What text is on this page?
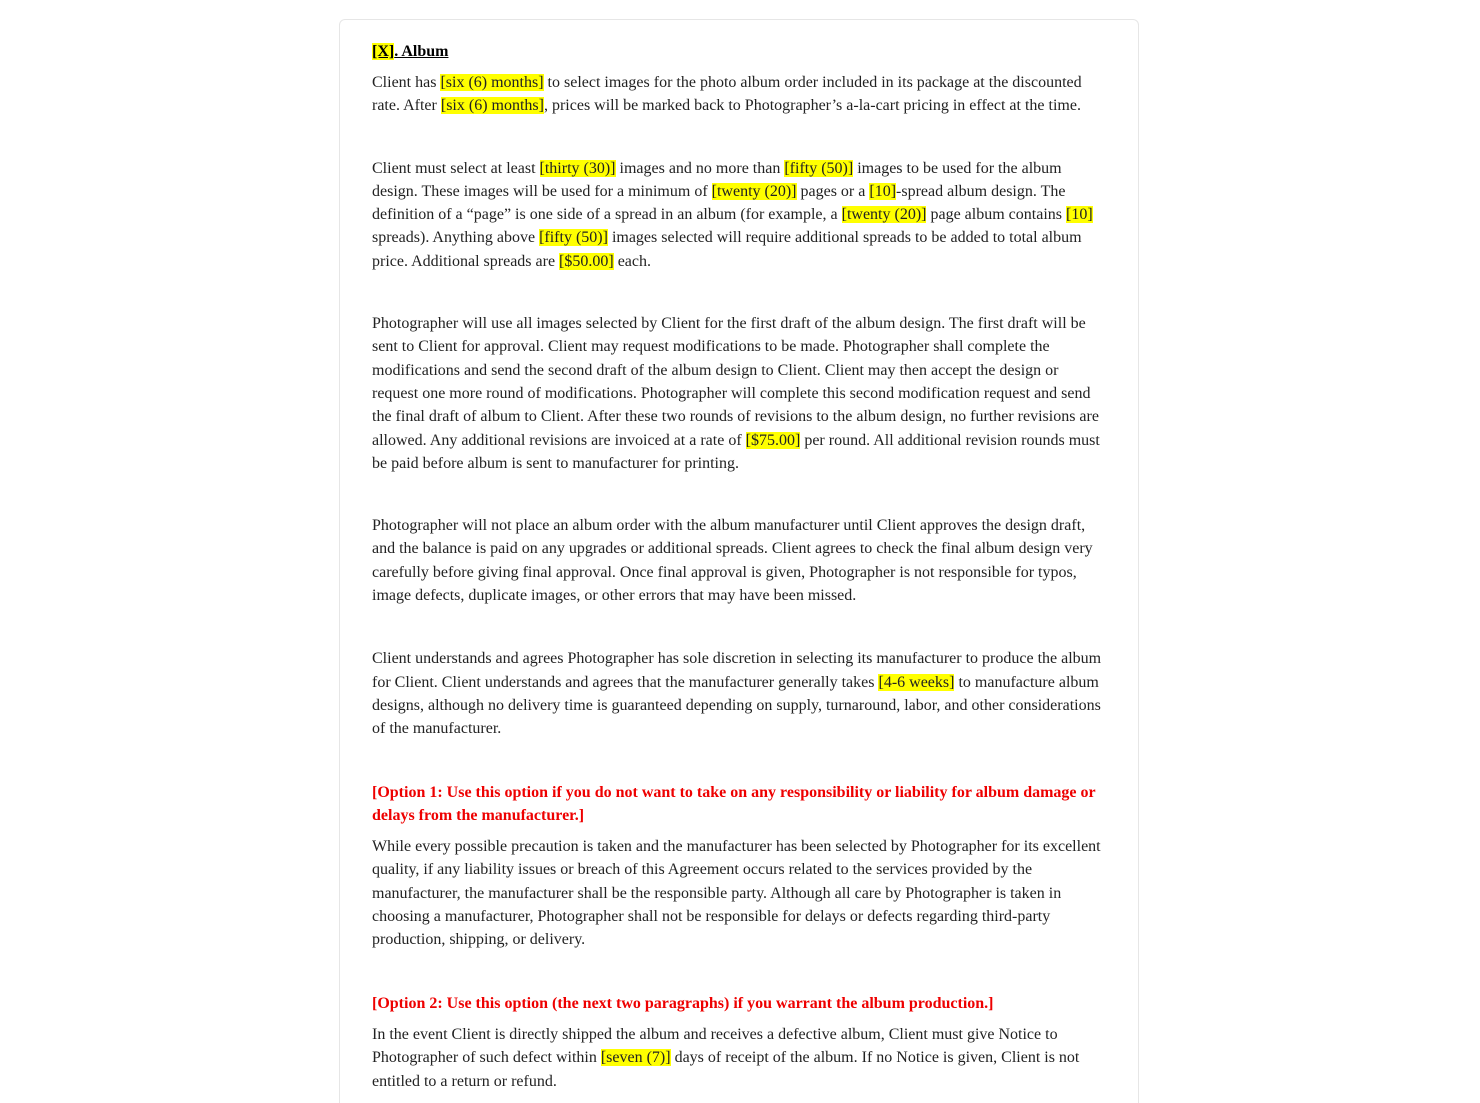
[X]. Album

Client has [six (6) months] to select images for the photo album order included in its package at the discounted rate. After [six (6) months], prices will be marked back to Photographer’s a-la-cart pricing in effect at the time.

Client must select at least [thirty (30)] images and no more than [fifty (50)] images to be used for the album design. These images will be used for a minimum of [twenty (20)] pages or a [10]-spread album design. The definition of a “page” is one side of a spread in an album (for example, a [twenty (20)] page album contains [10] spreads). Anything above [fifty (50)] images selected will require additional spreads to be added to total album price. Additional spreads are [$50.00] each.

Photographer will use all images selected by Client for the first draft of the album design. The first draft will be sent to Client for approval. Client may request modifications to be made. Photographer shall complete the modifications and send the second draft of the album design to Client. Client may then accept the design or request one more round of modifications. Photographer will complete this second modification request and send the final draft of album to Client. After these two rounds of revisions to the album design, no further revisions are allowed. Any additional revisions are invoiced at a rate of [$75.00] per round. All additional revision rounds must be paid before album is sent to manufacturer for printing.

Photographer will not place an album order with the album manufacturer until Client approves the design draft, and the balance is paid on any upgrades or additional spreads. Client agrees to check the final album design very carefully before giving final approval. Once final approval is given, Photographer is not responsible for typos, image defects, duplicate images, or other errors that may have been missed.

Client understands and agrees Photographer has sole discretion in selecting its manufacturer to produce the album for Client. Client understands and agrees that the manufacturer generally takes [4-6 weeks] to manufacture album designs, although no delivery time is guaranteed depending on supply, turnaround, labor, and other considerations of the manufacturer.

[Option 1: Use this option if you do not want to take on any responsibility or liability for album damage or delays from the manufacturer.]

While every possible precaution is taken and the manufacturer has been selected by Photographer for its excellent quality, if any liability issues or breach of this Agreement occurs related to the services provided by the manufacturer, the manufacturer shall be the responsible party. Although all care by Photographer is taken in choosing a manufacturer, Photographer shall not be responsible for delays or defects regarding third-party production, shipping, or delivery.

[Option 2: Use this option (the next two paragraphs) if you warrant the album production.]

In the event Client is directly shipped the album and receives a defective album, Client must give Notice to Photographer of such defect within [seven (7)] days of receipt of the album. If no Notice is given, Client is not entitled to a return or refund.
